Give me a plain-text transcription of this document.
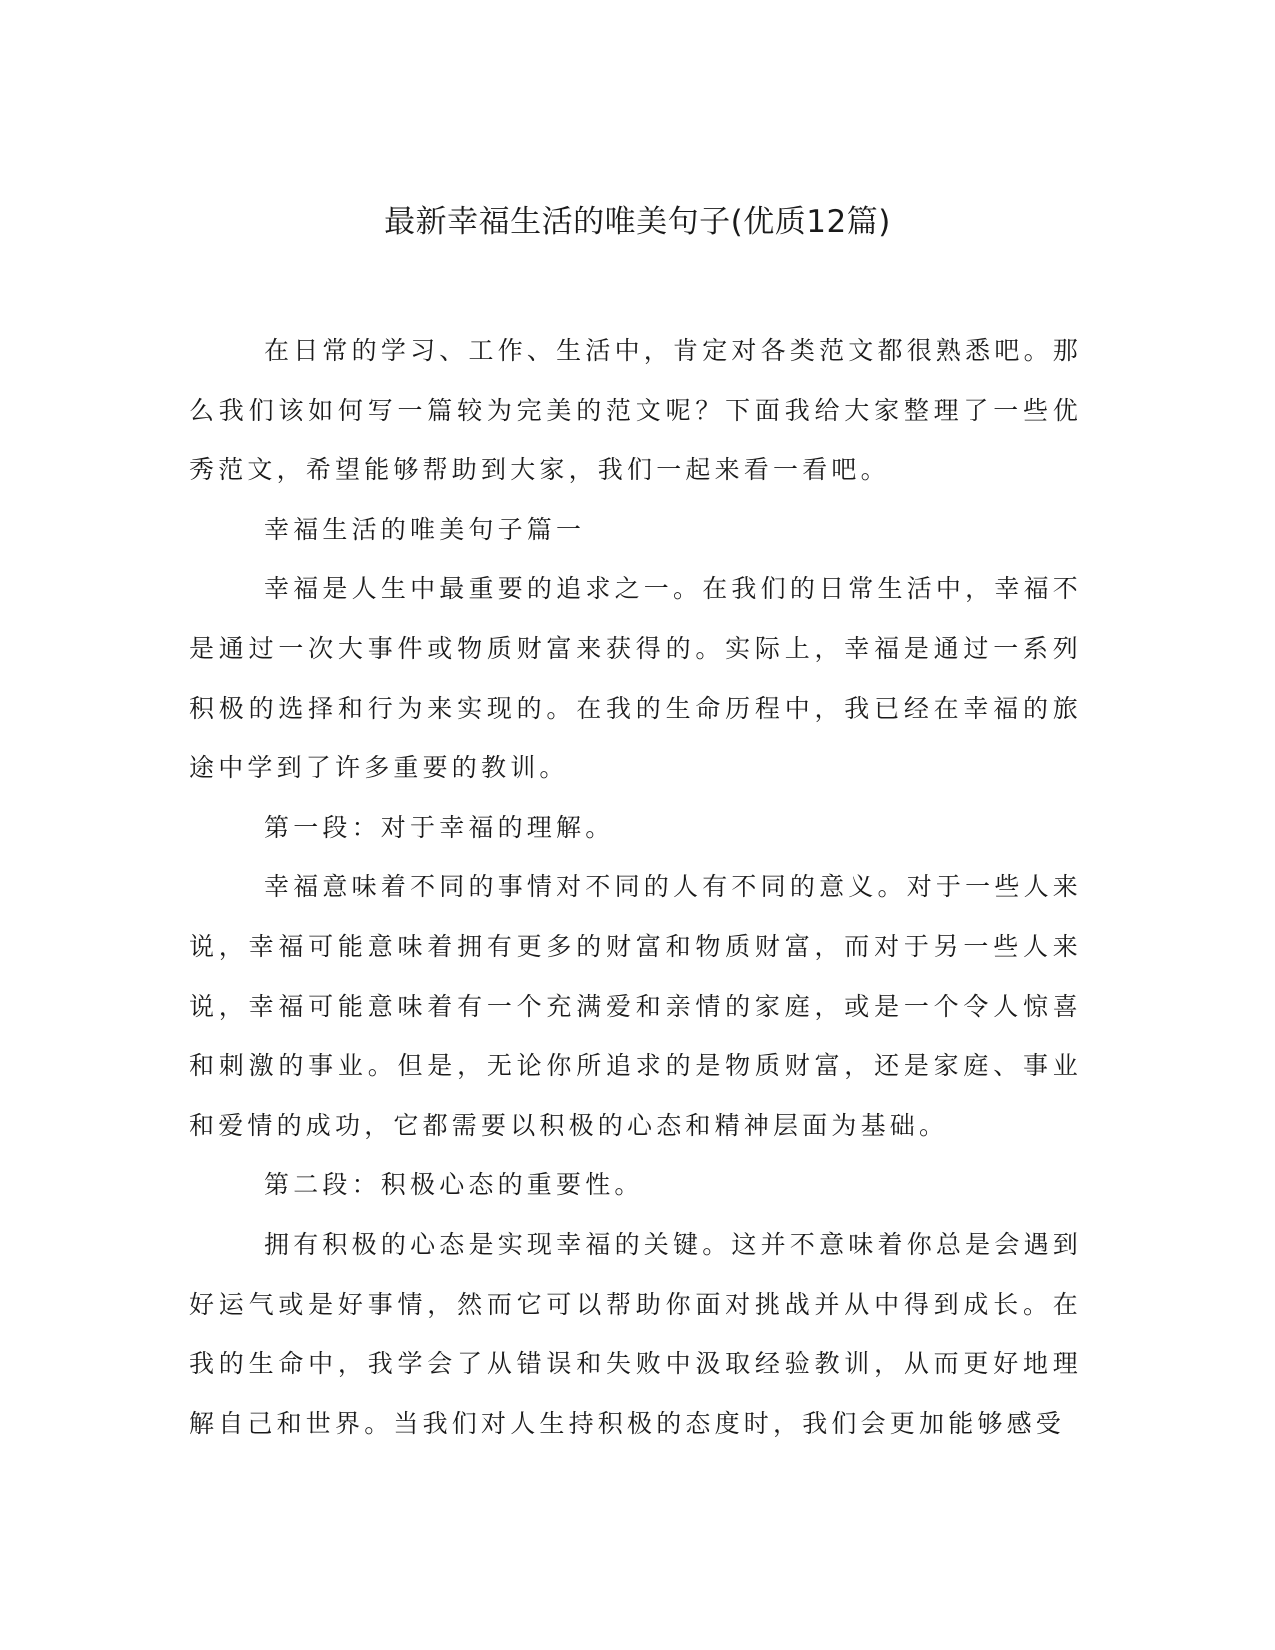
最新幸福生活的唯美句子(优质12篇)

在日常的学习、工作、生活中，肯定对各类范文都很熟悉吧。那么我们该如何写一篇较为完美的范文呢？下面我给大家整理了一些优秀范文，希望能够帮助到大家，我们一起来看一看吧。

幸福生活的唯美句子篇一

幸福是人生中最重要的追求之一。在我们的日常生活中，幸福不是通过一次大事件或物质财富来获得的。实际上，幸福是通过一系列积极的选择和行为来实现的。在我的生命历程中，我已经在幸福的旅途中学到了许多重要的教训。

第一段：对于幸福的理解。

幸福意味着不同的事情对不同的人有不同的意义。对于一些人来说，幸福可能意味着拥有更多的财富和物质财富，而对于另一些人来说，幸福可能意味着有一个充满爱和亲情的家庭，或是一个令人惊喜和刺激的事业。但是，无论你所追求的是物质财富，还是家庭、事业和爱情的成功，它都需要以积极的心态和精神层面为基础。

第二段：积极心态的重要性。

拥有积极的心态是实现幸福的关键。这并不意味着你总是会遇到好运气或是好事情，然而它可以帮助你面对挑战并从中得到成长。在我的生命中，我学会了从错误和失败中汲取经验教训，从而更好地理解自己和世界。当我们对人生持积极的态度时，我们会更加能够感受
